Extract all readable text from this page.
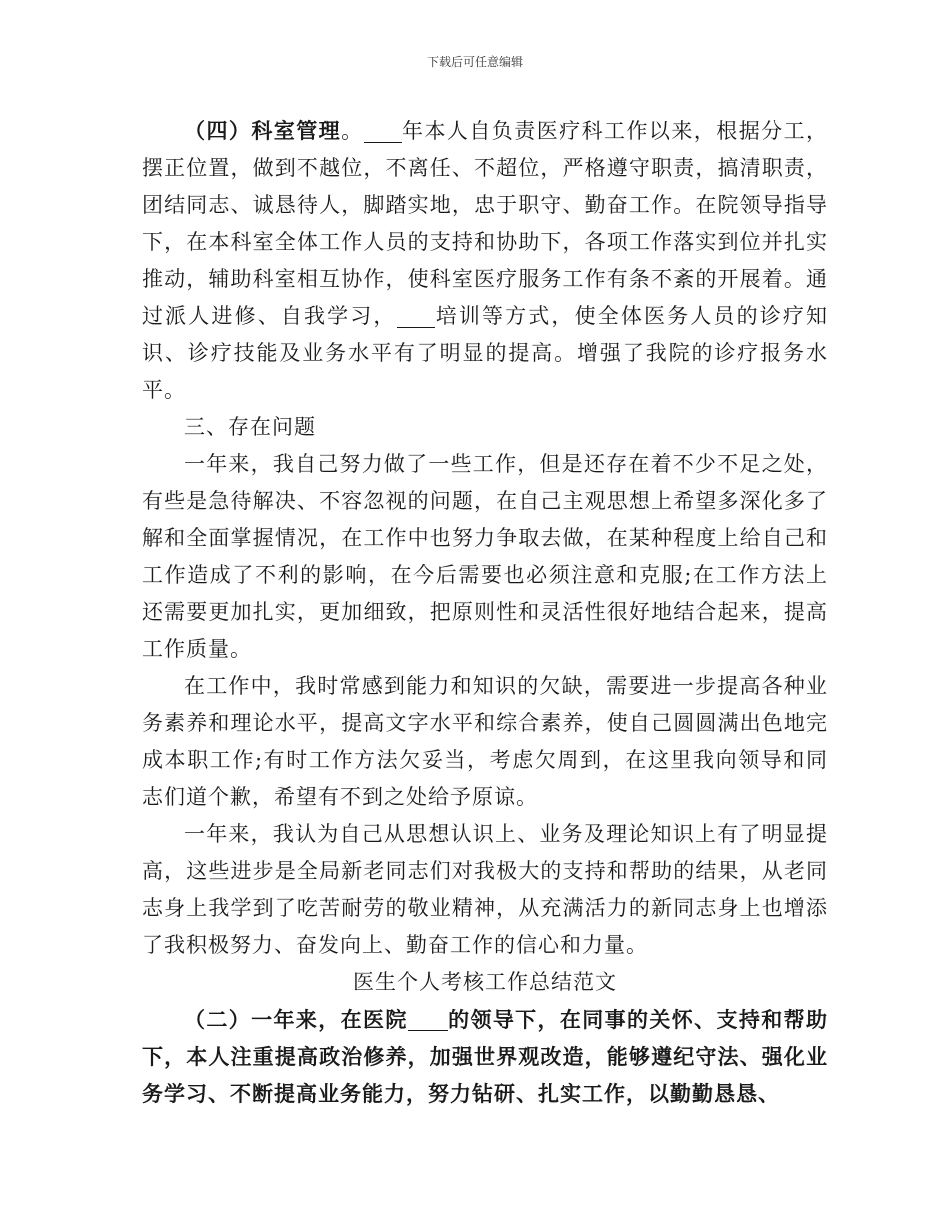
下载后可任意编辑

（四）科室管理。 年本人自负责医疗科工作以来，根据分工，摆正位置，做到不越位，不离任、不超位，严格遵守职责，搞清职责，团结同志、诚恳待人，脚踏实地，忠于职守、勤奋工作。在院领导指导下，在本科室全体工作人员的支持和协助下，各项工作落实到位并扎实推动，辅助科室相互协作，使科室医疗服务工作有条不紊的开展着。通过派人进修、自我学习， 培训等方式，使全体医务人员的诊疗知识、诊疗技能及业务水平有了明显的提高。增强了我院的诊疗报务水平。

三、存在问题

一年来，我自己努力做了一些工作，但是还存在着不少不足之处，有些是急待解决、不容忽视的问题，在自己主观思想上希望多深化多了解和全面掌握情况，在工作中也努力争取去做，在某种程度上给自己和工作造成了不利的影响，在今后需要也必须注意和克服;在工作方法上还需要更加扎实，更加细致，把原则性和灵活性很好地结合起来，提高工作质量。

在工作中，我时常感到能力和知识的欠缺，需要进一步提高各种业务素养和理论水平，提高文字水平和综合素养，使自己圆圆满出色地完成本职工作;有时工作方法欠妥当，考虑欠周到，在这里我向领导和同志们道个歉，希望有不到之处给予原谅。

一年来，我认为自己从思想认识上、业务及理论知识上有了明显提高，这些进步是全局新老同志们对我极大的支持和帮助的结果，从老同志身上我学到了吃苦耐劳的敬业精神，从充满活力的新同志身上也增添了我积极努力、奋发向上、勤奋工作的信心和力量。

医生个人考核工作总结范文

（二）一年来，在医院 的领导下，在同事的关怀、支持和帮助下，本人注重提高政治修养，加强世界观改造，能够遵纪守法、强化业务学习、不断提高业务能力，努力钻研、扎实工作，以勤勤恳恳、
